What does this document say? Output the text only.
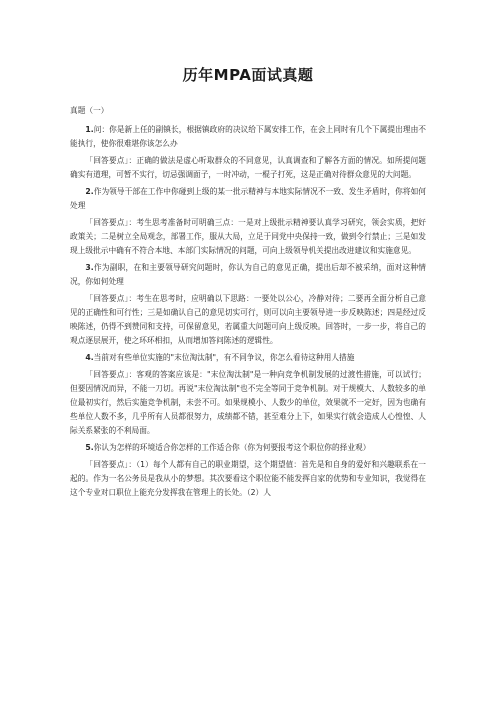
历年MPA面试真题
真题（一）

1.问：你是新上任的副镇长，根据镇政府的决议给下属安排工作，在会上同时有几个下属提出理由不能执行，使你很难堪你该怎么办

「回答要点」：正确的做法是虚心听取群众的不同意见，认真调查和了解各方面的情况。如所提问题确实有道理，可暂不实行，切忌强调面子，一时冲动，一棍子打死，这是正确对待群众意见的大问题。

2.作为领导干部在工作中你碰到上级的某一批示精神与本地实际情况不一致、发生矛盾时，你将如何处理

「回答要点」：考生思考准备时可明确三点：一是对上级批示精神要认真学习研究，领会实质，把好政策关；二是树立全局观念，部署工作，服从大局，立足于同党中央保持一致，做到令行禁止；三是如发现上级批示中确有不符合本地、本部门实际情况的问题，可向上级领导机关提出改进建议和实施意见。

3.作为副职，在和主要领导研究问题时，你认为自己的意见正确，提出后却不被采纳，面对这种情况，你如何处理

「回答要点」：考生在思考时，应明确以下思路：一要处以公心，冷静对待；二要再全面分析自己意见的正确性和可行性；三是如确认自己的意见切实可行，则可以向主要领导进一步反映陈述；四是经过反映陈述，仍得不到赞同和支持，可保留意见，若属重大问题可向上级反映。回答时，一步一步，将自己的观点逐层展开，使之环环相扣，从而增加答问陈述的逻辑性。

4.当前对有些单位实施的"末位淘汰制"，有不同争议，你怎么看待这种用人措施

「回答要点」：客观的答案应该是："末位淘汰制"是一种向竞争机制发展的过渡性措施，可以试行；但要因情况而异，不能一刀切。再说"末位淘汰制"也不完全等同于竞争机制。对于规模大、人数较多的单位最初实行，然后实施竞争机制，未尝不可。如果规模小、人数少的单位，效果就不一定好，因为也确有些单位人数不多，几乎所有人员都很努力，成绩都不错，甚至难分上下，如果实行就会造成人心惶惶、人际关系紧张的不利局面。

5.你认为怎样的环境适合你怎样的工作适合你（你为何要报考这个职位你的择业观）

「回答要点」：（1）每个人都有自己的职业期望，这个期望值：首先是和自身的爱好和兴趣联系在一起的。作为一名公务员是我从小的梦想。其次要看这个职位能不能发挥自家的优势和专业知识，我觉得在这个专业对口职位上能充分发挥我在管理上的长处。（2）人
